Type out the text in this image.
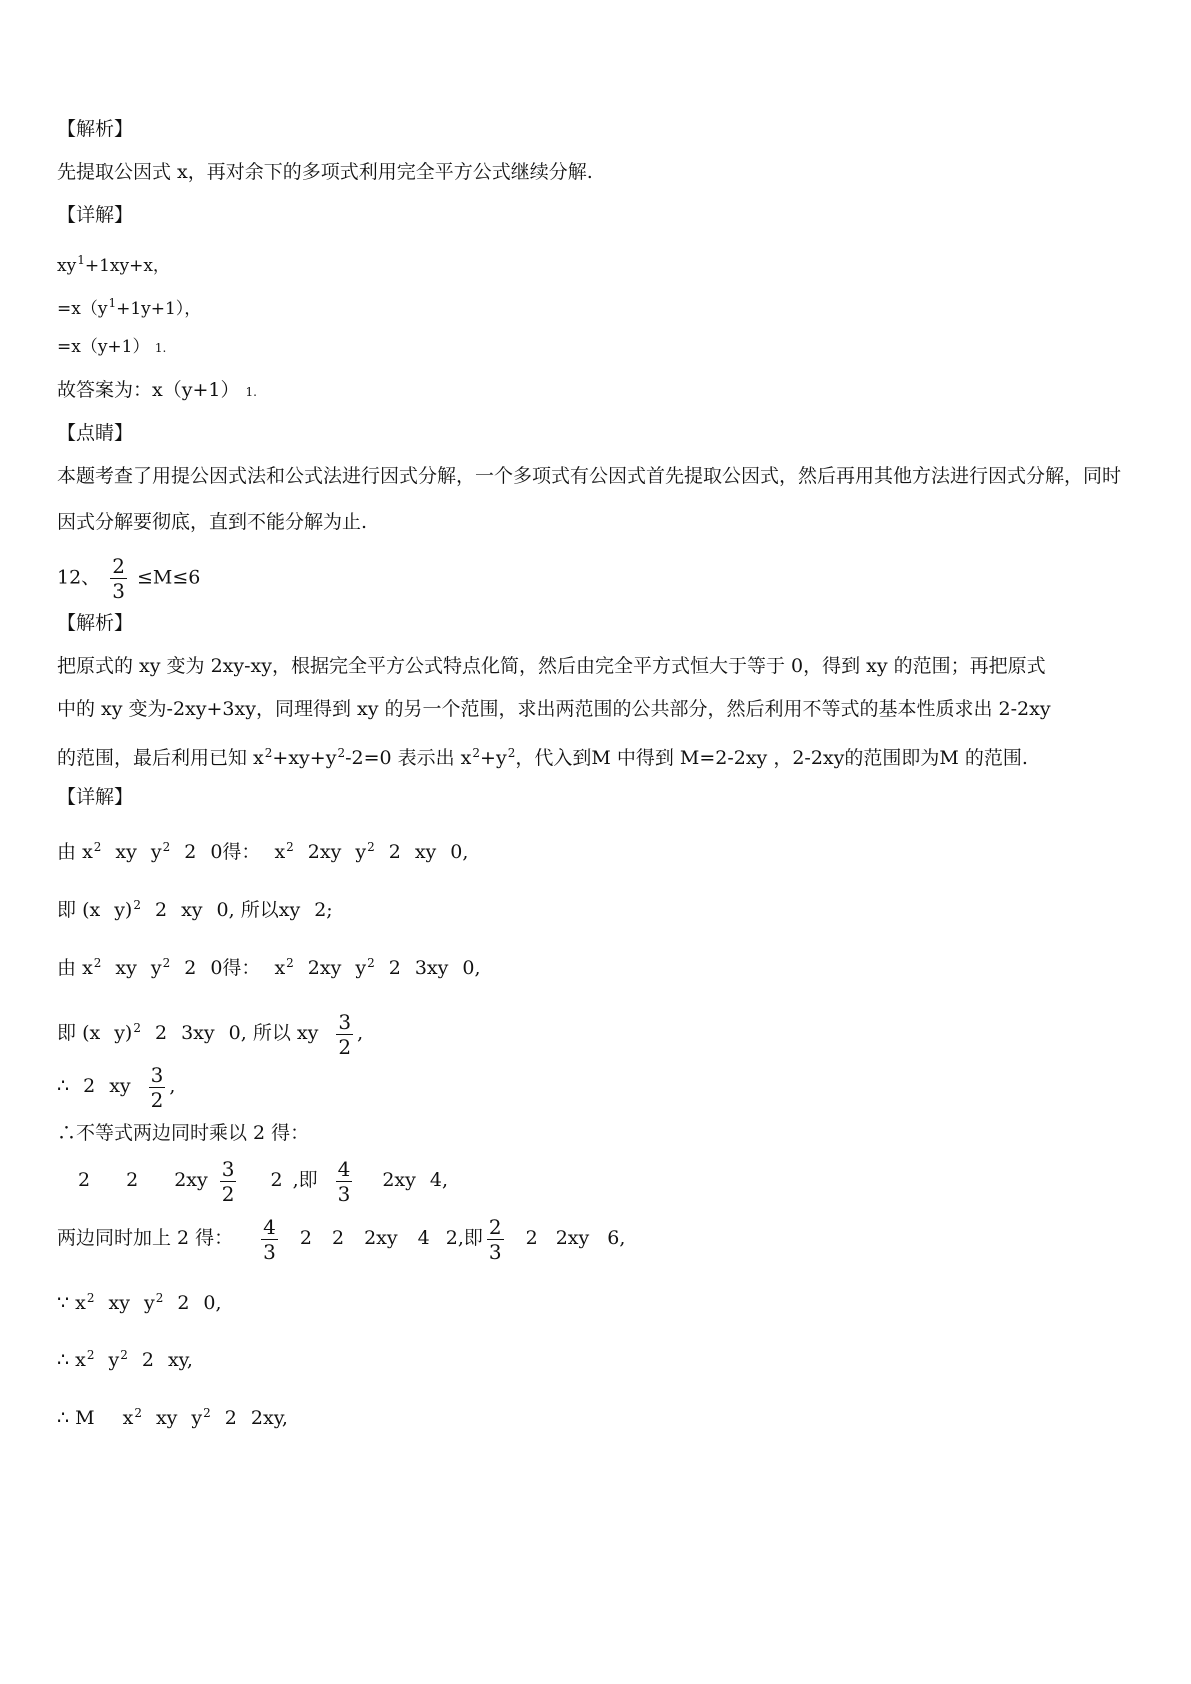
【解析】
先提取公因式 x，再对余下的多项式利用完全平方公式继续分解.
【详解】
$xy^1+1xy+x$，
$=x(y^1+1y+1)$，
=x（y+1） 1.
故答案为：x（y+1） 1.
【点睛】
本题考查了用提公因式法和公式法进行因式分解，一个多项式有公因式首先提取公因式，然后再用其他方法进行因式分解，同时因式分解要彻底，直到不能分解为止.
12、 $\frac{2}{3} \le M\le 6$
【解析】
把原式的 xy 变为 2xy-xy，根据完全平方公式特点化简，然后由完全平方式恒大于等于 0，得到 xy 的范围；再把原式
中的 xy 变为-2xy+3xy，同理得到 xy 的另一个范围，求出两范围的公共部分，然后利用不等式的基本性质求出 2-2xy
的范围，最后利用已知 $x^2+xy+y^2-2=0$ 表示出 $x^2+y^2$，代入到M 中得到 M=2-2xy ，2-2xy的范围即为M 的范围.
【详解】
由 $x^2$ xy $y^2$ 2 0得： $x^2$ 2xy $y^2$ 2 xy 0,
即 (x y)$^2$ 2 xy 0, 所以xy 2;
由 $x^2$ xy $y^2$ 2 0得： $x^2$ 2xy $y^2$ 2 3xy 0,
即 (x y)$^2$ 2 3xy 0, 所以 xy $\frac{3}{2}$ ,
∴ 2 xy $\frac{3}{2}$ ,
∴不等式两边同时乘以 2 得：
2 2 $2xy \frac{3}{2} 2$ ,即 $\frac{4}{3} 2xy$ 4,
两边同时加上 2 得： $\frac{4}{3} 2$ 2 2xy 4 2,即 $\frac{2}{3} 2$ 2xy 6,
∵ $x^2$ xy $y^2$ 2 0,
∴ $x^2$ $y^2$ 2 xy,
∴ M $x^2$ xy $y^2$ 2 2xy,
